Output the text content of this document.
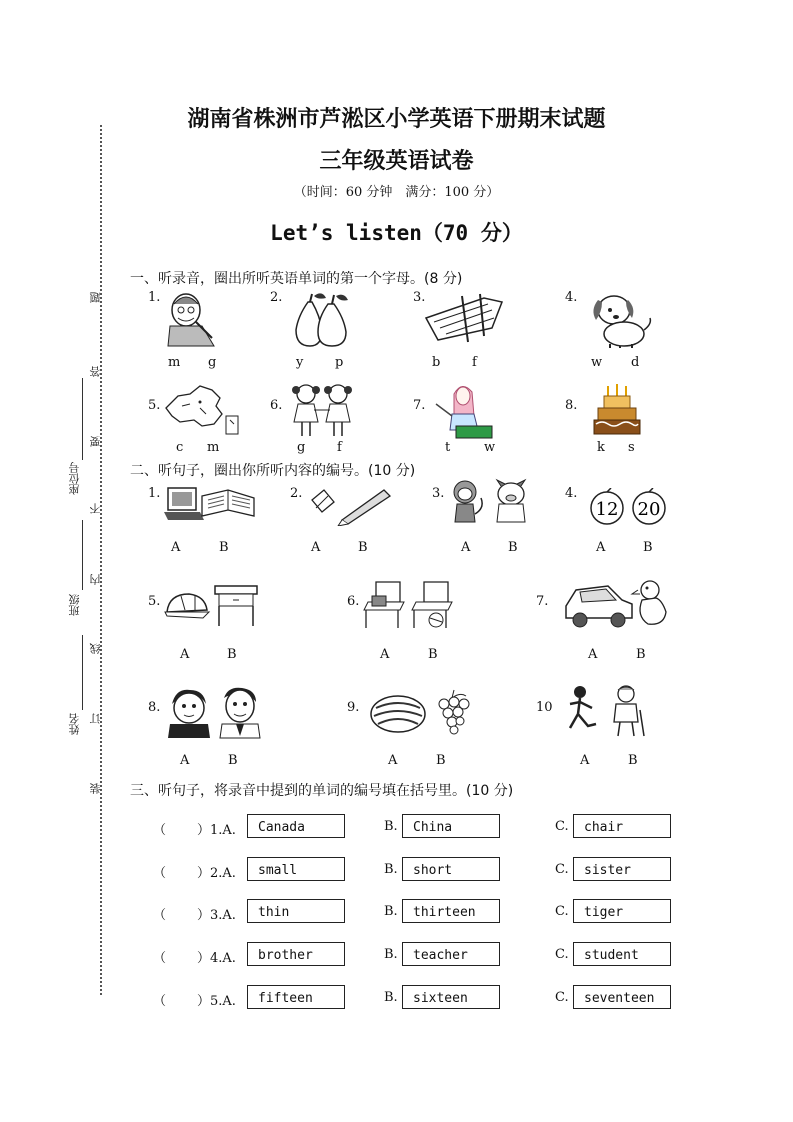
题
答
要
不
内
线
订
装
座位号
班级
姓名
湖南省株洲市芦淞区小学英语下册期末试题
三年级英语试卷
（时间：60 分钟　满分：100 分）
Let’s listen（70 分）
一、听录音，圈出所听英语单词的第一个字母。(8 分)
1.
m g
2.
y p
3.
b f
4.
w d
5.
c m
6.
g f
7.
t	w
8.
k s
二、听句子，圈出你所听内容的编号。(10 分)
1.
A	B
2.
A	B
3.
A	B
4.
12 20
A	B
5.
A	B
6.
A	B
7.
A	B
8.
A	B
9.
A	B
10
A	B
三、听句子，将录音中提到的单词的编号填在括号里。(10 分)
（ ）1.A.	Canada	B.	China	C.	chair
（ ）2.A.	small	B.	short	C.	sister
（ ）3.A.	thin	B.	thirteen	C.	tiger
（ ）4.A.	brother	B.	teacher	C.	student
（ ）5.A.	fifteen	B.	sixteen	C.	seventeen
